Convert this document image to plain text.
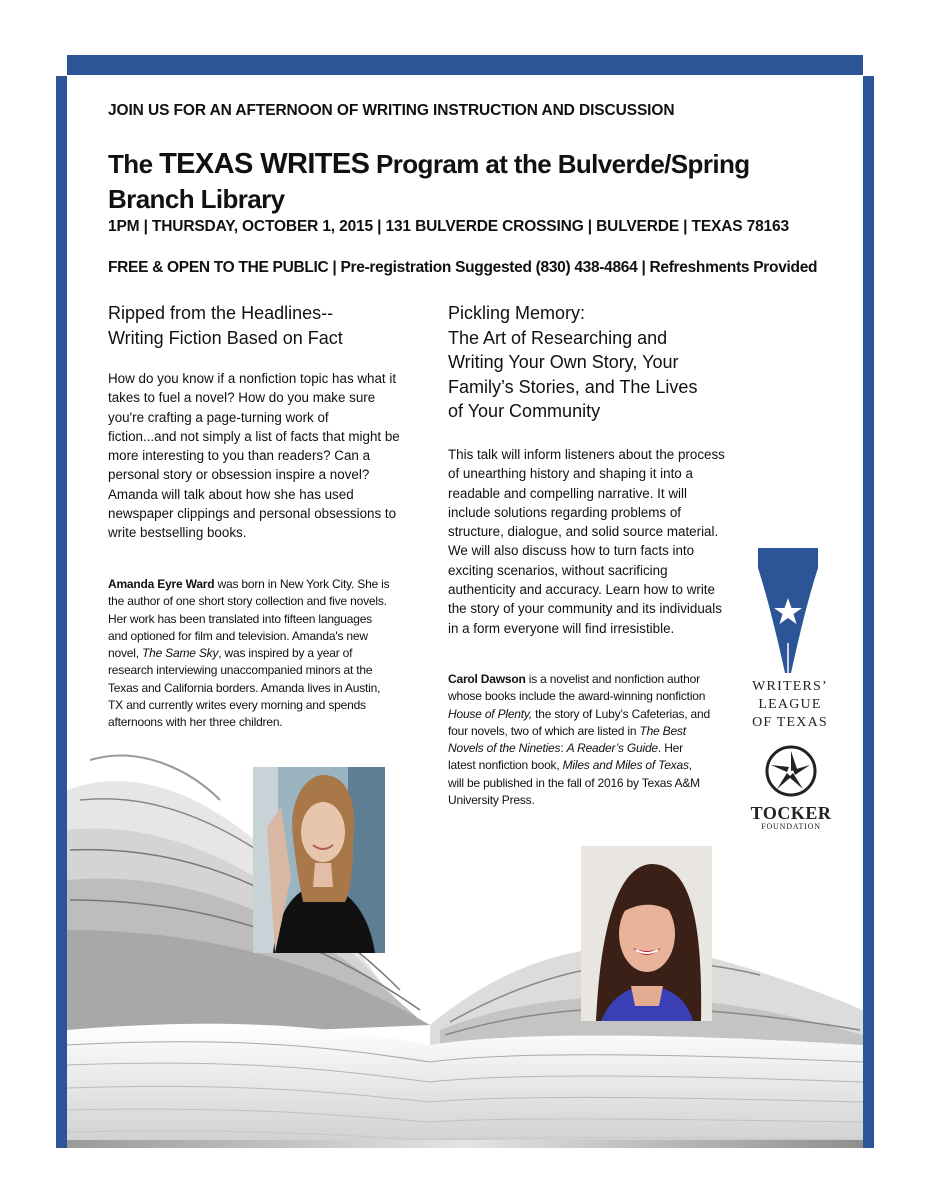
JOIN US FOR AN AFTERNOON OF WRITING INSTRUCTION AND DISCUSSION
The TEXAS WRITES Program at the Bulverde/Spring Branch Library
1PM | THURSDAY, OCTOBER 1, 2015 | 131 BULVERDE CROSSING | BULVERDE | TEXAS 78163
FREE & OPEN TO THE PUBLIC | Pre-registration Suggested (830) 438-4864 | Refreshments Provided
Ripped from the Headlines--
Writing Fiction Based on Fact
How do you know if a nonfiction topic has what it takes to fuel a novel? How do you make sure you're crafting a page-turning work of fiction...and not simply a list of facts that might be more interesting to you than readers? Can a personal story or obsession inspire a novel? Amanda will talk about how she has used newspaper clippings and personal obsessions to write bestselling books.
Amanda Eyre Ward was born in New York City. She is the author of one short story collection and five novels. Her work has been translated into fifteen languages and optioned for film and television. Amanda's new novel, The Same Sky, was inspired by a year of research interviewing unaccompanied minors at the Texas and California borders. Amanda lives in Austin, TX and currently writes every morning and spends afternoons with her three children.
Pickling Memory:
The Art of Researching and
Writing Your Own Story, Your
Family’s Stories, and The Lives
of Your Community
This talk will inform listeners about the process of unearthing history and shaping it into a readable and compelling narrative. It will include solutions regarding problems of structure, dialogue, and solid source material. We will also discuss how to turn facts into exciting scenarios, without sacrificing authenticity and accuracy. Learn how to write the story of your community and its individuals in a form everyone will find irresistible.
Carol Dawson is a novelist and nonfiction author whose books include the award-winning nonfiction House of Plenty, the story of Luby’s Cafeterias, and four novels, two of which are listed in The Best Novels of the Nineties: A Reader’s Guide. Her latest nonfiction book, Miles and Miles of Texas, will be published in the fall of 2016 by Texas A&M University Press.
WRITERS’
LEAGUE
OF TEXAS
TOCKER
FOUNDATION
